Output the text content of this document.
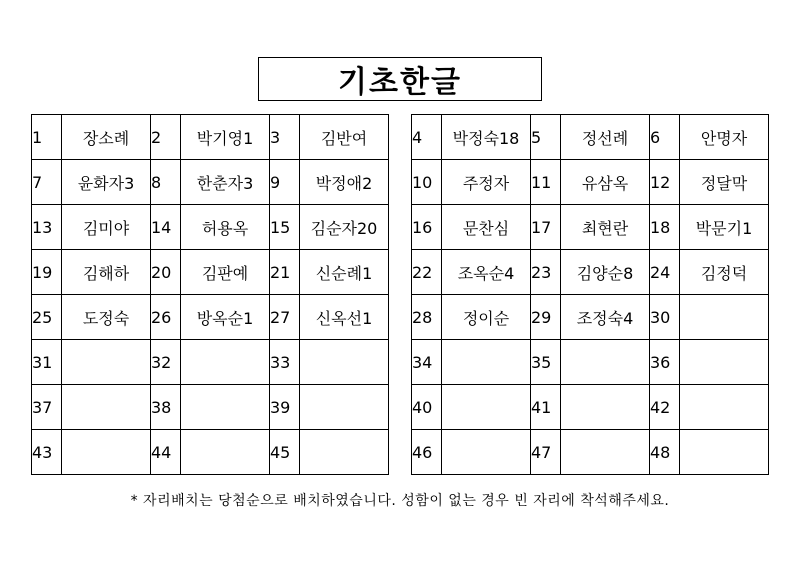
기초한글
1	장소례	2	박기영1	3	김반여
7	윤화자3	8	한춘자3	9	박정애2
13	김미야	14	허용옥	15	김순자20
19	김해하	20	김판예	21	신순례1
25	도정숙	26	방옥순1	27	신옥선1
31		32		33	
37		38		39	
43		44		45	
4	박정숙18	5	정선례	6	안명자
10	주정자	11	유삼옥	12	정달막
16	문찬심	17	최현란	18	박문기1
22	조옥순4	23	김양순8	24	김정덕
28	정이순	29	조정숙4	30	
34		35		36	
40		41		42	
46		47		48	
* 자리배치는 당첨순으로 배치하였습니다. 성함이 없는 경우 빈 자리에 착석해주세요.
